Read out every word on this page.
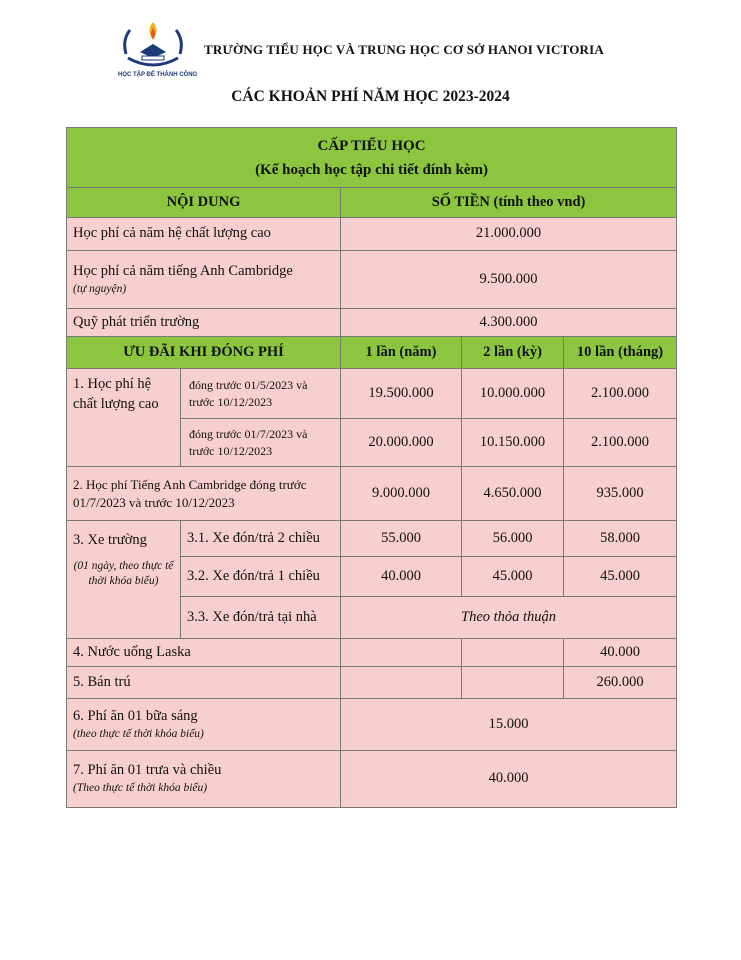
HỌC TẬP ĐỂ THÀNH CÔNG
TRƯỜNG TIỂU HỌC VÀ TRUNG HỌC CƠ SỞ HANOI VICTORIA
CÁC KHOẢN PHÍ NĂM HỌC 2023-2024
CẤP TIỂU HỌC
(Kế hoạch học tập chi tiết đính kèm)				

NỘI DUNG		SỐ TIỀN (tính theo vnd)		
Học phí cả năm hệ chất lượng cao		21.000.000		

Học phí cả năm tiếng Anh Cambridge
(tự nguyện)		9.500.000		
Quỹ phát triển trường		4.300.000		
ƯU ĐÃI KHI ĐÓNG PHÍ		1 lần (năm)	2 lần (kỳ)	10 lần (tháng)
1. Học phí hệ chất lượng cao	đóng trước 01/5/2023 và trước 10/12/2023	19.500.000	10.000.000	2.100.000
	đóng trước 01/7/2023 và trước 10/12/2023	20.000.000	10.150.000	2.100.000
2. Học phí Tiếng Anh Cambridge đóng trước 01/7/2023 và trước 10/12/2023		9.000.000	4.650.000	935.000

3. Xe trường
(01 ngày, theo thực tế thời khóa biểu)	3.1. Xe đón/trả 2 chiều	55.000	56.000	58.000
	3.2. Xe đón/trả 1 chiều	40.000	45.000	45.000
	3.3. Xe đón/trả tại nhà	Theo thỏa thuận		
4. Nước uống Laska				40.000
5. Bán trú				260.000

6. Phí ăn 01 bữa sáng
(theo thực tế thời khóa biểu)		15.000		

7. Phí ăn 01 trưa và chiều
(Theo thực tế thời khóa biểu)		40.000		
